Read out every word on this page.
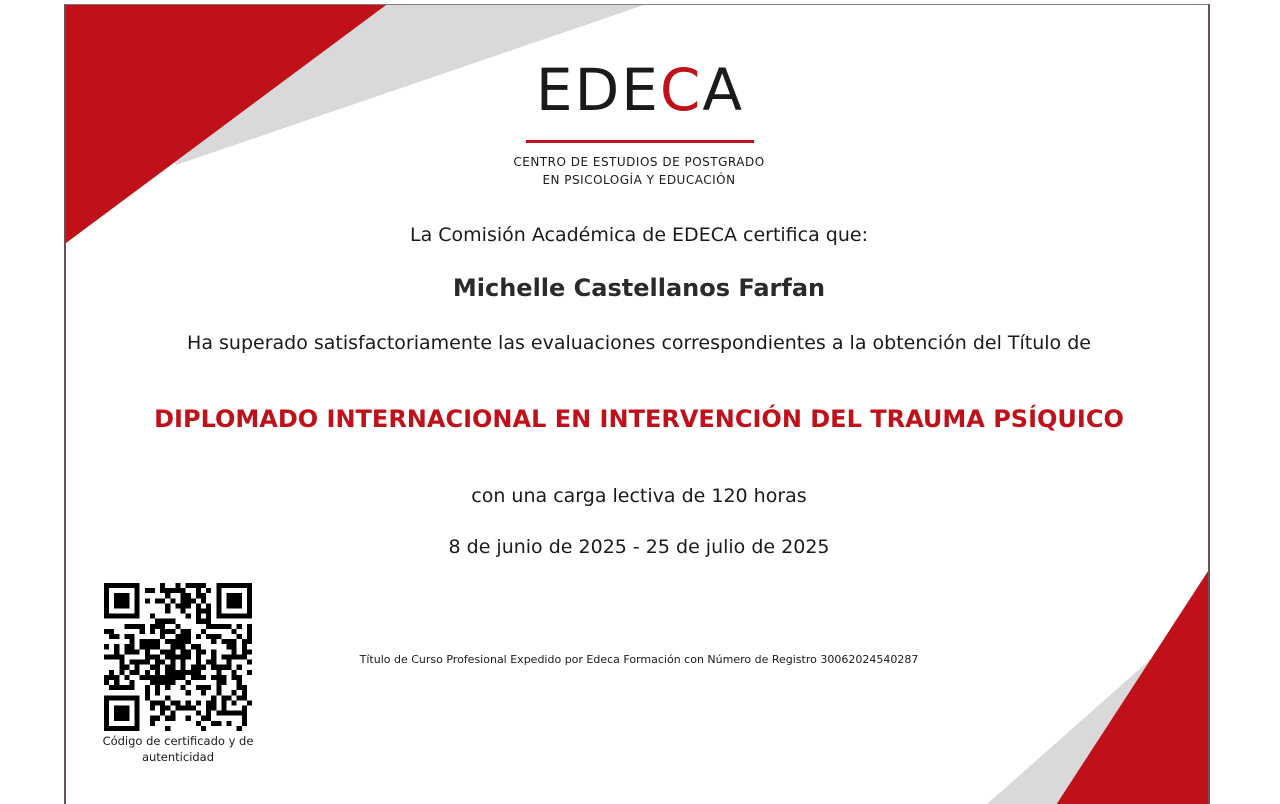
EDECA
CENTRO DE ESTUDIOS DE POSTGRADO
EN PSICOLOGÍA Y EDUCACIÓN
La Comisión Académica de EDECA certifica que:
Michelle Castellanos Farfan
Ha superado satisfactoriamente las evaluaciones correspondientes a la obtención del Título de
DIPLOMADO INTERNACIONAL EN INTERVENCIÓN DEL TRAUMA PSÍQUICO
con una carga lectiva de 120 horas
8 de junio de 2025 - 25 de julio de 2025
Título de Curso Profesional Expedido por Edeca Formación con Número de Registro 30062024540287
Código de certificado y de
autenticidad
